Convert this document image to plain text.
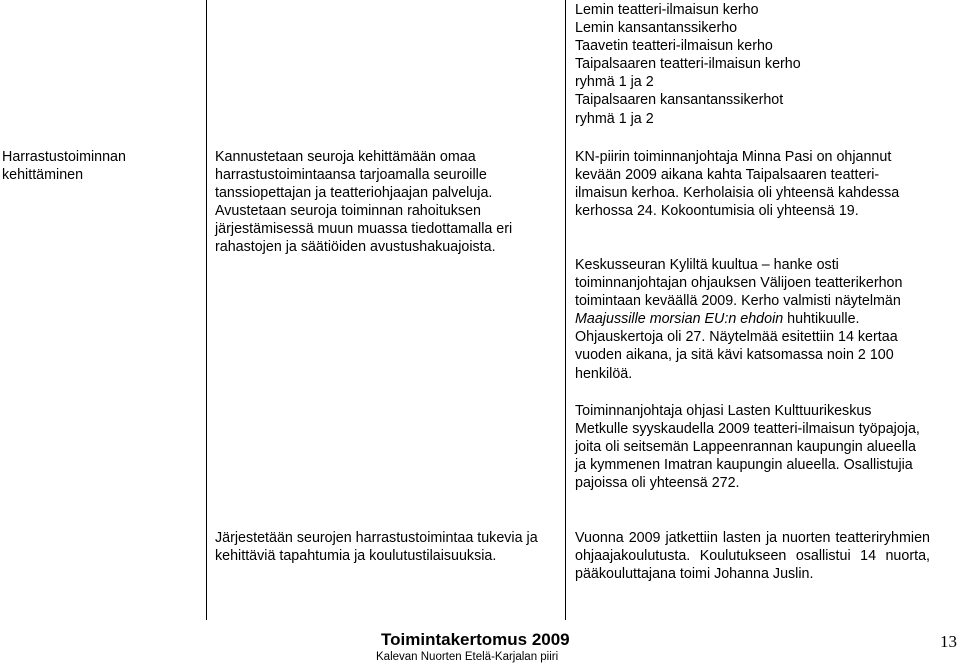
Harrastustoiminnan kehittäminen

Kannustetaan seuroja kehittämään omaa harrastustoimintaansa tarjoamalla seuroille tanssiopettajan ja teatteriohjaajan palveluja. Avustetaan seuroja toiminnan rahoituksen järjestämisessä muun muassa tiedottamalla eri rahastojen ja säätiöiden avustushakuajoista.

Järjestetään seurojen harrastustoimintaa tukevia ja kehittäviä tapahtumia ja koulutustilaisuuksia.

Lemin teatteri-ilmaisun kerho

Lemin kansantanssikerho

Taavetin teatteri-ilmaisun kerho

Taipalsaaren teatteri-ilmaisun kerho

ryhmä 1 ja 2

Taipalsaaren kansantanssikerhot

ryhmä 1 ja 2

KN-piirin toiminnanjohtaja Minna Pasi on ohjannut kevään 2009 aikana kahta Taipalsaaren teatteri-ilmaisun kerhoa. Kerholaisia oli yhteensä kahdessa kerhossa 24. Kokoontumisia oli yhteensä 19.

Keskusseuran Kyliltä kuultua – hanke osti toiminnanjohtajan ohjauksen Välijoen teatterikerhon toimintaan keväällä 2009. Kerho valmisti näytelmän Maajussille morsian EU:n ehdoin huhtikuulle. Ohjauskertoja oli 27. Näytelmää esitettiin 14 kertaa vuoden aikana, ja sitä kävi katsomassa noin 2 100 henkilöä.

Toiminnanjohtaja ohjasi Lasten Kulttuurikeskus Metkulle syyskaudella 2009 teatteri-ilmaisun työpajoja, joita oli seitsemän Lappeenrannan kaupungin alueella ja kymmenen Imatran kaupungin alueella. Osallistujia pajoissa oli yhteensä 272.

Vuonna 2009 jatkettiin lasten ja nuorten teatteriryhmien ohjaajakoulutusta. Koulutukseen osallistui 14 nuorta, pääkouluttajana toimi Johanna Juslin.

Toimintakertomus 2009
Kalevan Nuorten Etelä-Karjalan piiri
13
